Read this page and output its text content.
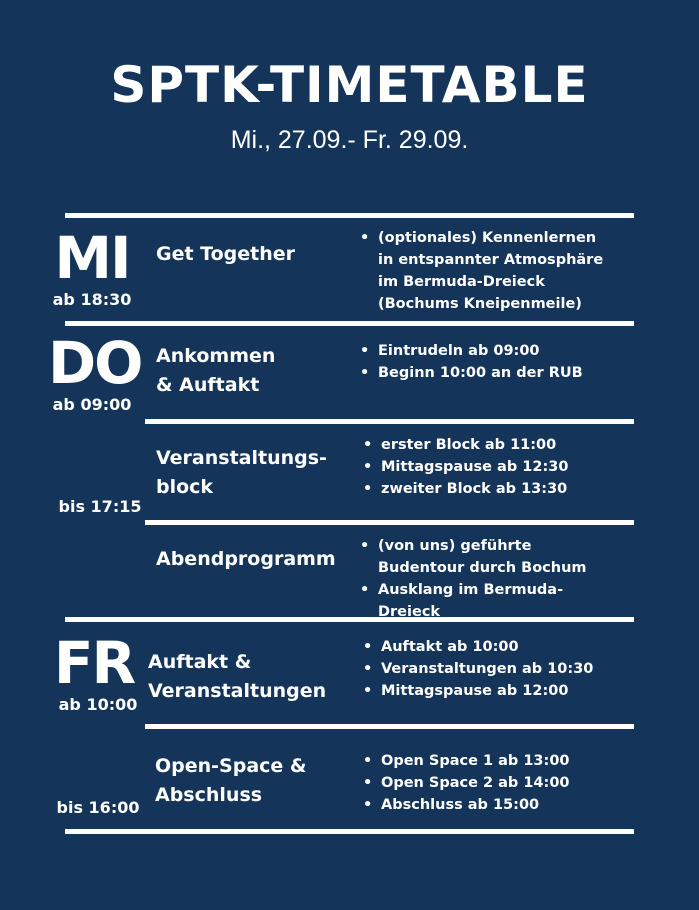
SPTK-TIMETABLE
Mi., 27.09.- Fr. 29.09.
MI
ab 18:30
Get Together
• (optionales) Kennenlernen in entspannter Atmosphäre im Bermuda-Dreieck (Bochums Kneipenmeile)
DO
ab 09:00
bis 17:15
Ankommen
& Auftakt
• Eintrudeln ab 09:00
• Beginn 10:00 an der RUB
Veranstaltungs-
block
• erster Block ab 11:00
• Mittagspause ab 12:30
• zweiter Block ab 13:30
Abendprogramm
• (von uns) geführte Budentour durch Bochum
• Ausklang im Bermuda-Dreieck
FR
ab 10:00
bis 16:00
Auftakt &
Veranstaltungen
• Auftakt ab 10:00
• Veranstaltungen ab 10:30
• Mittagspause ab 12:00
Open-Space &
Abschluss
• Open Space 1 ab 13:00
• Open Space 2 ab 14:00
• Abschluss ab 15:00
